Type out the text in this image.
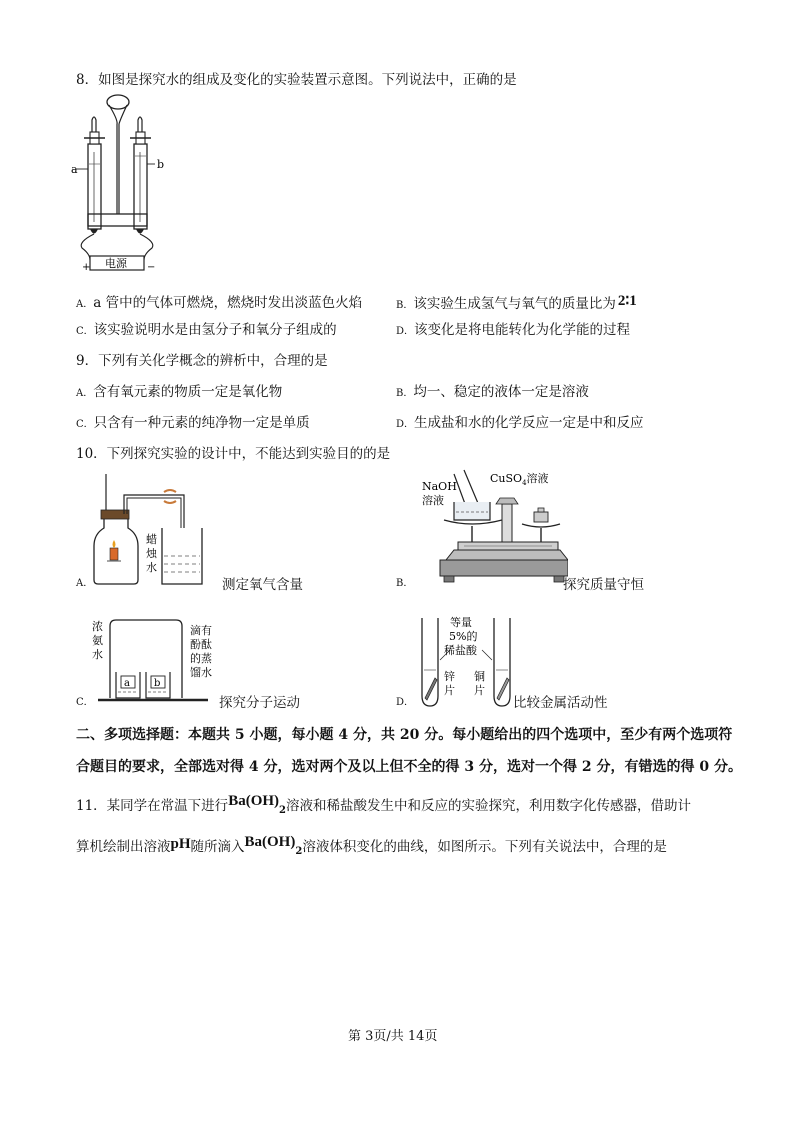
8．如图是探究水的组成及变化的实验装置示意图。下列说法中，正确的是
a	b
电源
+	−
A．a 管中的气体可燃烧，燃烧时发出淡蓝色火焰	B．该实验生成氢气与氧气的质量比为 2∶1
C．该实验说明水是由氢分子和氧分子组成的	D．该变化是将电能转化为化学能的过程
9．下列有关化学概念的辨析中，合理的是
A．含有氧元素的物质一定是氧化物	B．均一、稳定的液体一定是溶液
C．只含有一种元素的纯净物一定是单质	D．生成盐和水的化学反应一定是中和反应
10．下列探究实验的设计中，不能达到实验目的的是
A．
蜡
烛
水
测定氧气含量	B．
NaOH
溶液
CuSO$_4$溶液
探究质量守恒
C．
浓
氨
水
a b
滴有
酚酞
的蒸
馏水
探究分子运动	D．
等量
5%的
稀盐酸
锌
片
铜
片
比较金属活动性
二、多项选择题：本题共 5 小题，每小题 4 分，共 20 分。每小题给出的四个选项中，至少有两个选项符
合题目的要求，全部选对得 4 分，选对两个及以上但不全的得 3 分，选对一个得 2 分，有错选的得 0 分。
11．某同学在常温下进行$Ba(OH)_2$溶液和稀盐酸发生中和反应的实验探究，利用数字化传感器，借助计
算机绘制出溶液pH随所滴入$Ba(OH)_2$溶液体积变化的曲线，如图所示。下列有关说法中，合理的是
第 3页/共 14页
